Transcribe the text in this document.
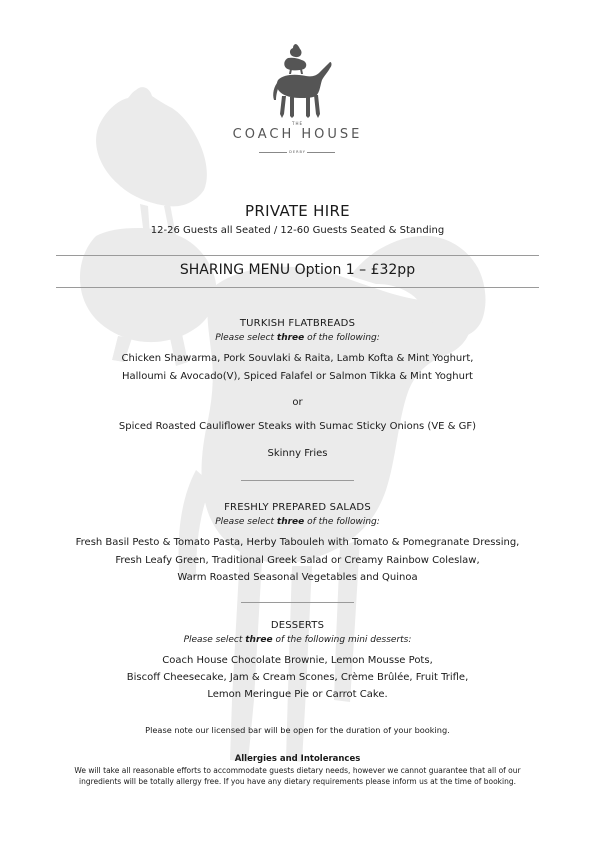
THE
COACH HOUSE
DERBY
PRIVATE HIRE
12-26 Guests all Seated / 12-60 Guests Seated & Standing
SHARING MENU Option 1 – £32pp
TURKISH FLATBREADS
Please select three of the following:
Chicken Shawarma, Pork Souvlaki & Raita, Lamb Kofta & Mint Yoghurt,
Halloumi & Avocado(V), Spiced Falafel or Salmon Tikka & Mint Yoghurt
or
Spiced Roasted Cauliflower Steaks with Sumac Sticky Onions (VE & GF)
Skinny Fries
FRESHLY PREPARED SALADS
Please select three of the following:
Fresh Basil Pesto & Tomato Pasta, Herby Tabouleh with Tomato & Pomegranate Dressing,
Fresh Leafy Green, Traditional Greek Salad or Creamy Rainbow Coleslaw,
Warm Roasted Seasonal Vegetables and Quinoa
DESSERTS
Please select three of the following mini desserts:
Coach House Chocolate Brownie, Lemon Mousse Pots,
Biscoff Cheesecake, Jam & Cream Scones, Crème Brûlée, Fruit Trifle,
Lemon Meringue Pie or Carrot Cake.
Please note our licensed bar will be open for the duration of your booking.
Allergies and Intolerances
We will take all reasonable efforts to accommodate guests dietary needs, however we cannot guarantee that all of our
ingredients will be totally allergy free. If you have any dietary requirements please inform us at the time of booking.
